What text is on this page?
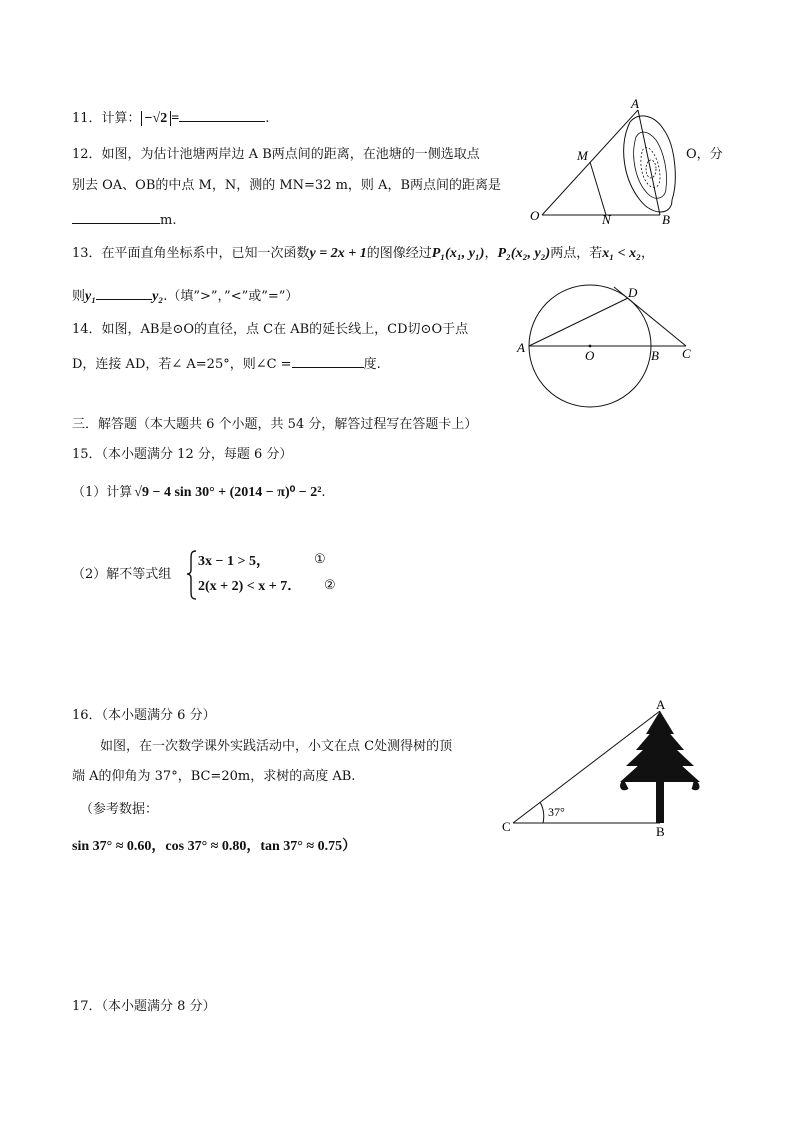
11．计算： −√2 =	.
12．如图，为估计池塘两岸边 A B两点间的距离，在池塘的一侧选取点	O，分
别去 OA、OB的中点 M，N，测的 MN=32 m，则 A，B两点间的距离是
m.
A
M
O	N	B
13．在平面直角坐标系中，已知一次函数y = 2x + 1的图像经过P₁(x₁, y₁)，P₂(x₂, y₂)两点，若x₁ < x₂，
则y₁	y₂.（填”>”，”<”或”=”）
14．如图，AB是⊙O的直径，点 C在 AB的延长线上，CD切⊙O于点
D，连接 AD，若∠ A=25°，则∠C =	度.
A
O	B C
D
三．解答题（本大题共 6 个小题，共 54 分，解答过程写在答题卡上）
15．（本小题满分 12 分，每题 6 分）
（1）计算 √9 − 4 sin 30° + (2014 − π)⁰ − 2².
（2）解不等式组
3x − 1 > 5，
2(x + 2) < x + 7．
①
②
16．（本小题满分 6 分）
如图，在一次数学课外实践活动中，小文在点 C处测得树的顶
端 A的仰角为 37°，BC=20m，求树的高度 AB.
（参考数据：
sin 37° ≈ 0.60，cos 37° ≈ 0.80，tan 37° ≈ 0.75）
A
B
C
37°
17．（本小题满分 8 分）
